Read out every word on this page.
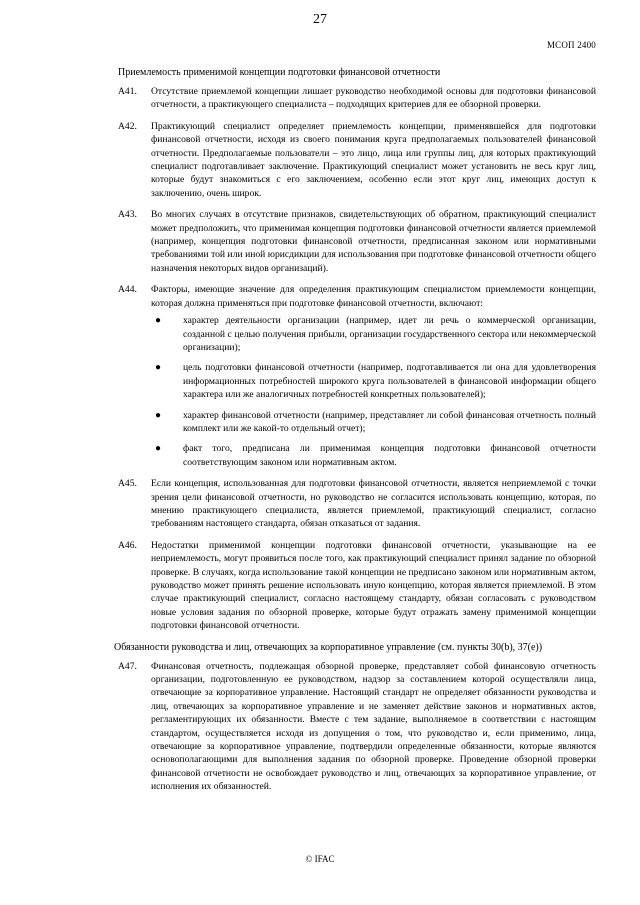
27
МСОП 2400
Приемлемость применимой концепции подготовки финансовой отчетности
A41. Отсутствие приемлемой концепции лишает руководство необходимой основы для подготовки финансовой отчетности, а практикующего специалиста – подходящих критериев для ее обзорной проверки.
A42. Практикующий специалист определяет приемлемость концепции, применявшейся для подготовки финансовой отчетности, исходя из своего понимания круга предполагаемых пользователей финансовой отчетности. Предполагаемые пользователи – это лицо, лица или группы лиц, для которых практикующий специалист подготавливает заключение. Практикующий специалист может установить не весь круг лиц, которые будут знакомиться с его заключением, особенно если этот круг лиц, имеющих доступ к заключению, очень широк.
A43. Во многих случаях в отсутствие признаков, свидетельствующих об обратном, практикующий специалист может предположить, что применимая концепция подготовки финансовой отчетности является приемлемой (например, концепция подготовки финансовой отчетности, предписанная законом или нормативными требованиями той или иной юрисдикции для использования при подготовке финансовой отчетности общего назначения некоторых видов организаций).
A44. Факторы, имеющие значение для определения практикующим специалистом приемлемости концепции, которая должна применяться при подготовке финансовой отчетности, включают:
● характер деятельности организации (например, идет ли речь о коммерческой организации, созданной с целью получения прибыли, организации государственного сектора или некоммерческой организации);
● цель подготовки финансовой отчетности (например, подготавливается ли она для удовлетворения информационных потребностей широкого круга пользователей в финансовой информации общего характера или же аналогичных потребностей конкретных пользователей);
● характер финансовой отчетности (например, представляет ли собой финансовая отчетность полный комплект или же какой-то отдельный отчет);
● факт того, предписана ли применимая концепция подготовки финансовой отчетности соответствующим законом или нормативным актом.
A45. Если концепция, использованная для подготовки финансовой отчетности, является неприемлемой с точки зрения цели финансовой отчетности, но руководство не согласится использовать концепцию, которая, по мнению практикующего специалиста, является приемлемой, практикующий специалист, согласно требованиям настоящего стандарта, обязан отказаться от задания.
A46. Недостатки применимой концепции подготовки финансовой отчетности, указывающие на ее неприемлемость, могут проявиться после того, как практикующий специалист принял задание по обзорной проверке. В случаях, когда использование такой концепции не предписано законом или нормативным актом, руководство может принять решение использовать иную концепцию, которая является приемлемой. В этом случае практикующий специалист, согласно настоящему стандарту, обязан согласовать с руководством новые условия задания по обзорной проверке, которые будут отражать замену применимой концепции подготовки финансовой отчетности.
Обязанности руководства и лиц, отвечающих за корпоративное управление (см. пункты 30(b), 37(e))
A47. Финансовая отчетность, подлежащая обзорной проверке, представляет собой финансовую отчетность организации, подготовленную ее руководством, надзор за составлением которой осуществляли лица, отвечающие за корпоративное управление. Настоящий стандарт не определяет обязанности руководства и лиц, отвечающих за корпоративное управление и не заменяет действие законов и нормативных актов, регламентирующих их обязанности. Вместе с тем задание, выполняемое в соответствии с настоящим стандартом, осуществляется исходя из допущения о том, что руководство и, если применимо, лица, отвечающие за корпоративное управление, подтвердили определенные обязанности, которые являются основополагающими для выполнения задания по обзорной проверке. Проведение обзорной проверки финансовой отчетности не освобождает руководство и лиц, отвечающих за корпоративное управление, от исполнения их обязанностей.
© IFAC
